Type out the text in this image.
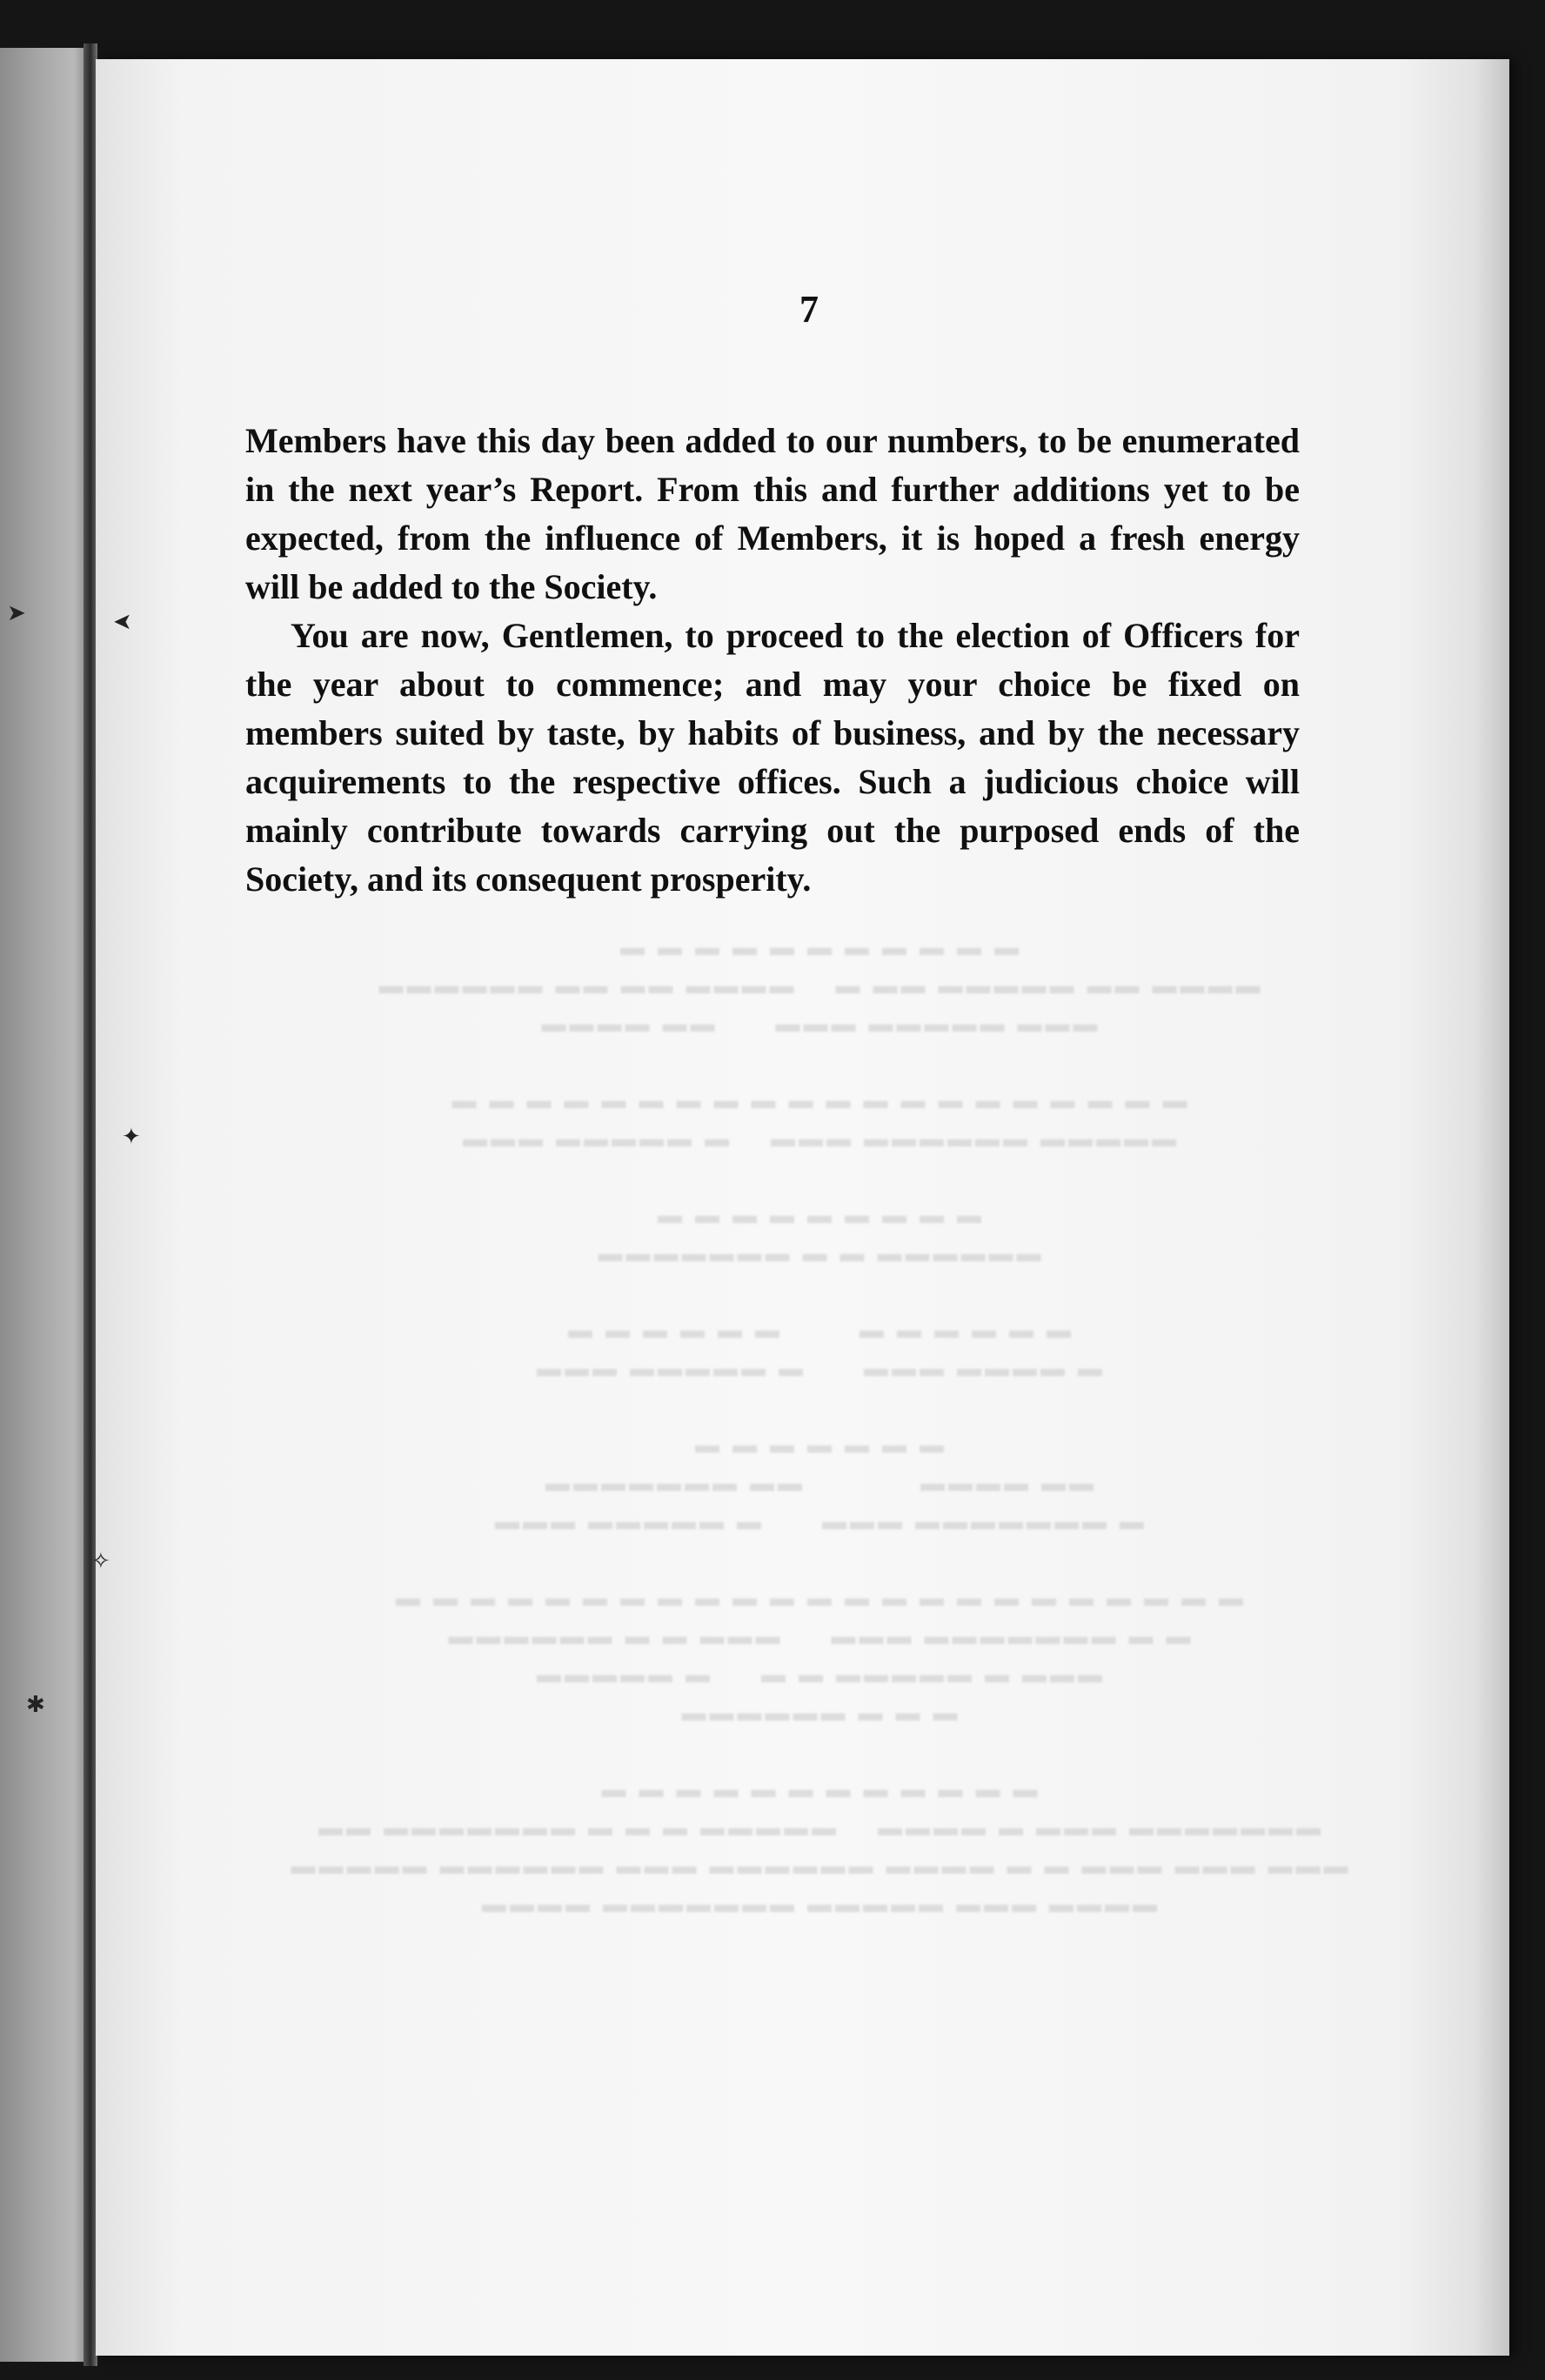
▬ ▬ ▬ ▬ ▬ ▬ ▬ ▬ ▬ ▬ ▬
▬▬▬▬ ▬▬ ▬▬▬▬▬ ▬▬ ▬    ▬▬▬▬ ▬▬ ▬▬ ▬▬▬▬▬▬
▬▬▬ ▬▬▬▬▬ ▬▬▬      ▬▬ ▬▬▬▬

▬ ▬ ▬ ▬ ▬ ▬ ▬ ▬ ▬ ▬ ▬ ▬ ▬ ▬ ▬ ▬ ▬ ▬ ▬ ▬
▬▬▬▬▬ ▬▬▬▬▬▬ ▬▬▬    ▬ ▬▬▬▬▬ ▬▬▬

▬ ▬ ▬ ▬ ▬ ▬ ▬ ▬ ▬
▬▬▬▬▬▬ ▬ ▬ ▬▬▬▬▬▬▬

▬ ▬ ▬ ▬ ▬ ▬        ▬ ▬ ▬ ▬ ▬ ▬
▬ ▬▬▬▬ ▬▬▬      ▬ ▬▬▬▬▬ ▬▬▬

▬ ▬ ▬ ▬ ▬ ▬ ▬
▬▬ ▬▬▬▬            ▬▬ ▬▬▬▬▬▬▬
▬ ▬▬▬▬▬▬▬ ▬▬▬      ▬ ▬▬▬▬▬ ▬▬▬

▬ ▬ ▬ ▬ ▬ ▬ ▬ ▬ ▬ ▬ ▬ ▬ ▬ ▬ ▬ ▬ ▬ ▬ ▬ ▬ ▬ ▬ ▬
▬ ▬ ▬▬▬▬▬▬▬ ▬▬▬     ▬▬▬ ▬ ▬ ▬▬▬▬▬▬
▬▬▬ ▬ ▬▬▬▬▬ ▬ ▬     ▬ ▬▬▬▬▬
▬ ▬ ▬ ▬▬▬▬▬▬

▬ ▬ ▬ ▬ ▬ ▬ ▬ ▬ ▬ ▬ ▬ ▬
▬▬▬▬▬▬▬ ▬▬▬ ▬ ▬▬▬▬    ▬▬▬▬▬ ▬ ▬ ▬ ▬▬▬▬▬▬▬ ▬▬
▬▬▬ ▬▬▬ ▬▬▬ ▬ ▬ ▬▬▬▬ ▬▬▬▬▬▬ ▬▬▬ ▬▬▬▬▬▬ ▬▬▬▬▬
▬▬▬▬ ▬▬▬ ▬▬▬▬▬ ▬▬▬▬▬▬▬ ▬▬▬▬
7

Members have this day been added to our numbers, to be enumerated in the next year’s Report. From this and further additions yet to be expected, from the influence of Members, it is hoped a fresh energy will be added to the Society.

You are now, Gentlemen, to proceed to the election of Officers for the year about to commence; and may your choice be fixed on members suited by taste, by habits of business, and by the necessary acquirements to the respective offices. Such a judicious choice will mainly contribute towards carrying out the purposed ends of the Society, and its consequent prosperity.

➤	➤
✦
✧
✱
